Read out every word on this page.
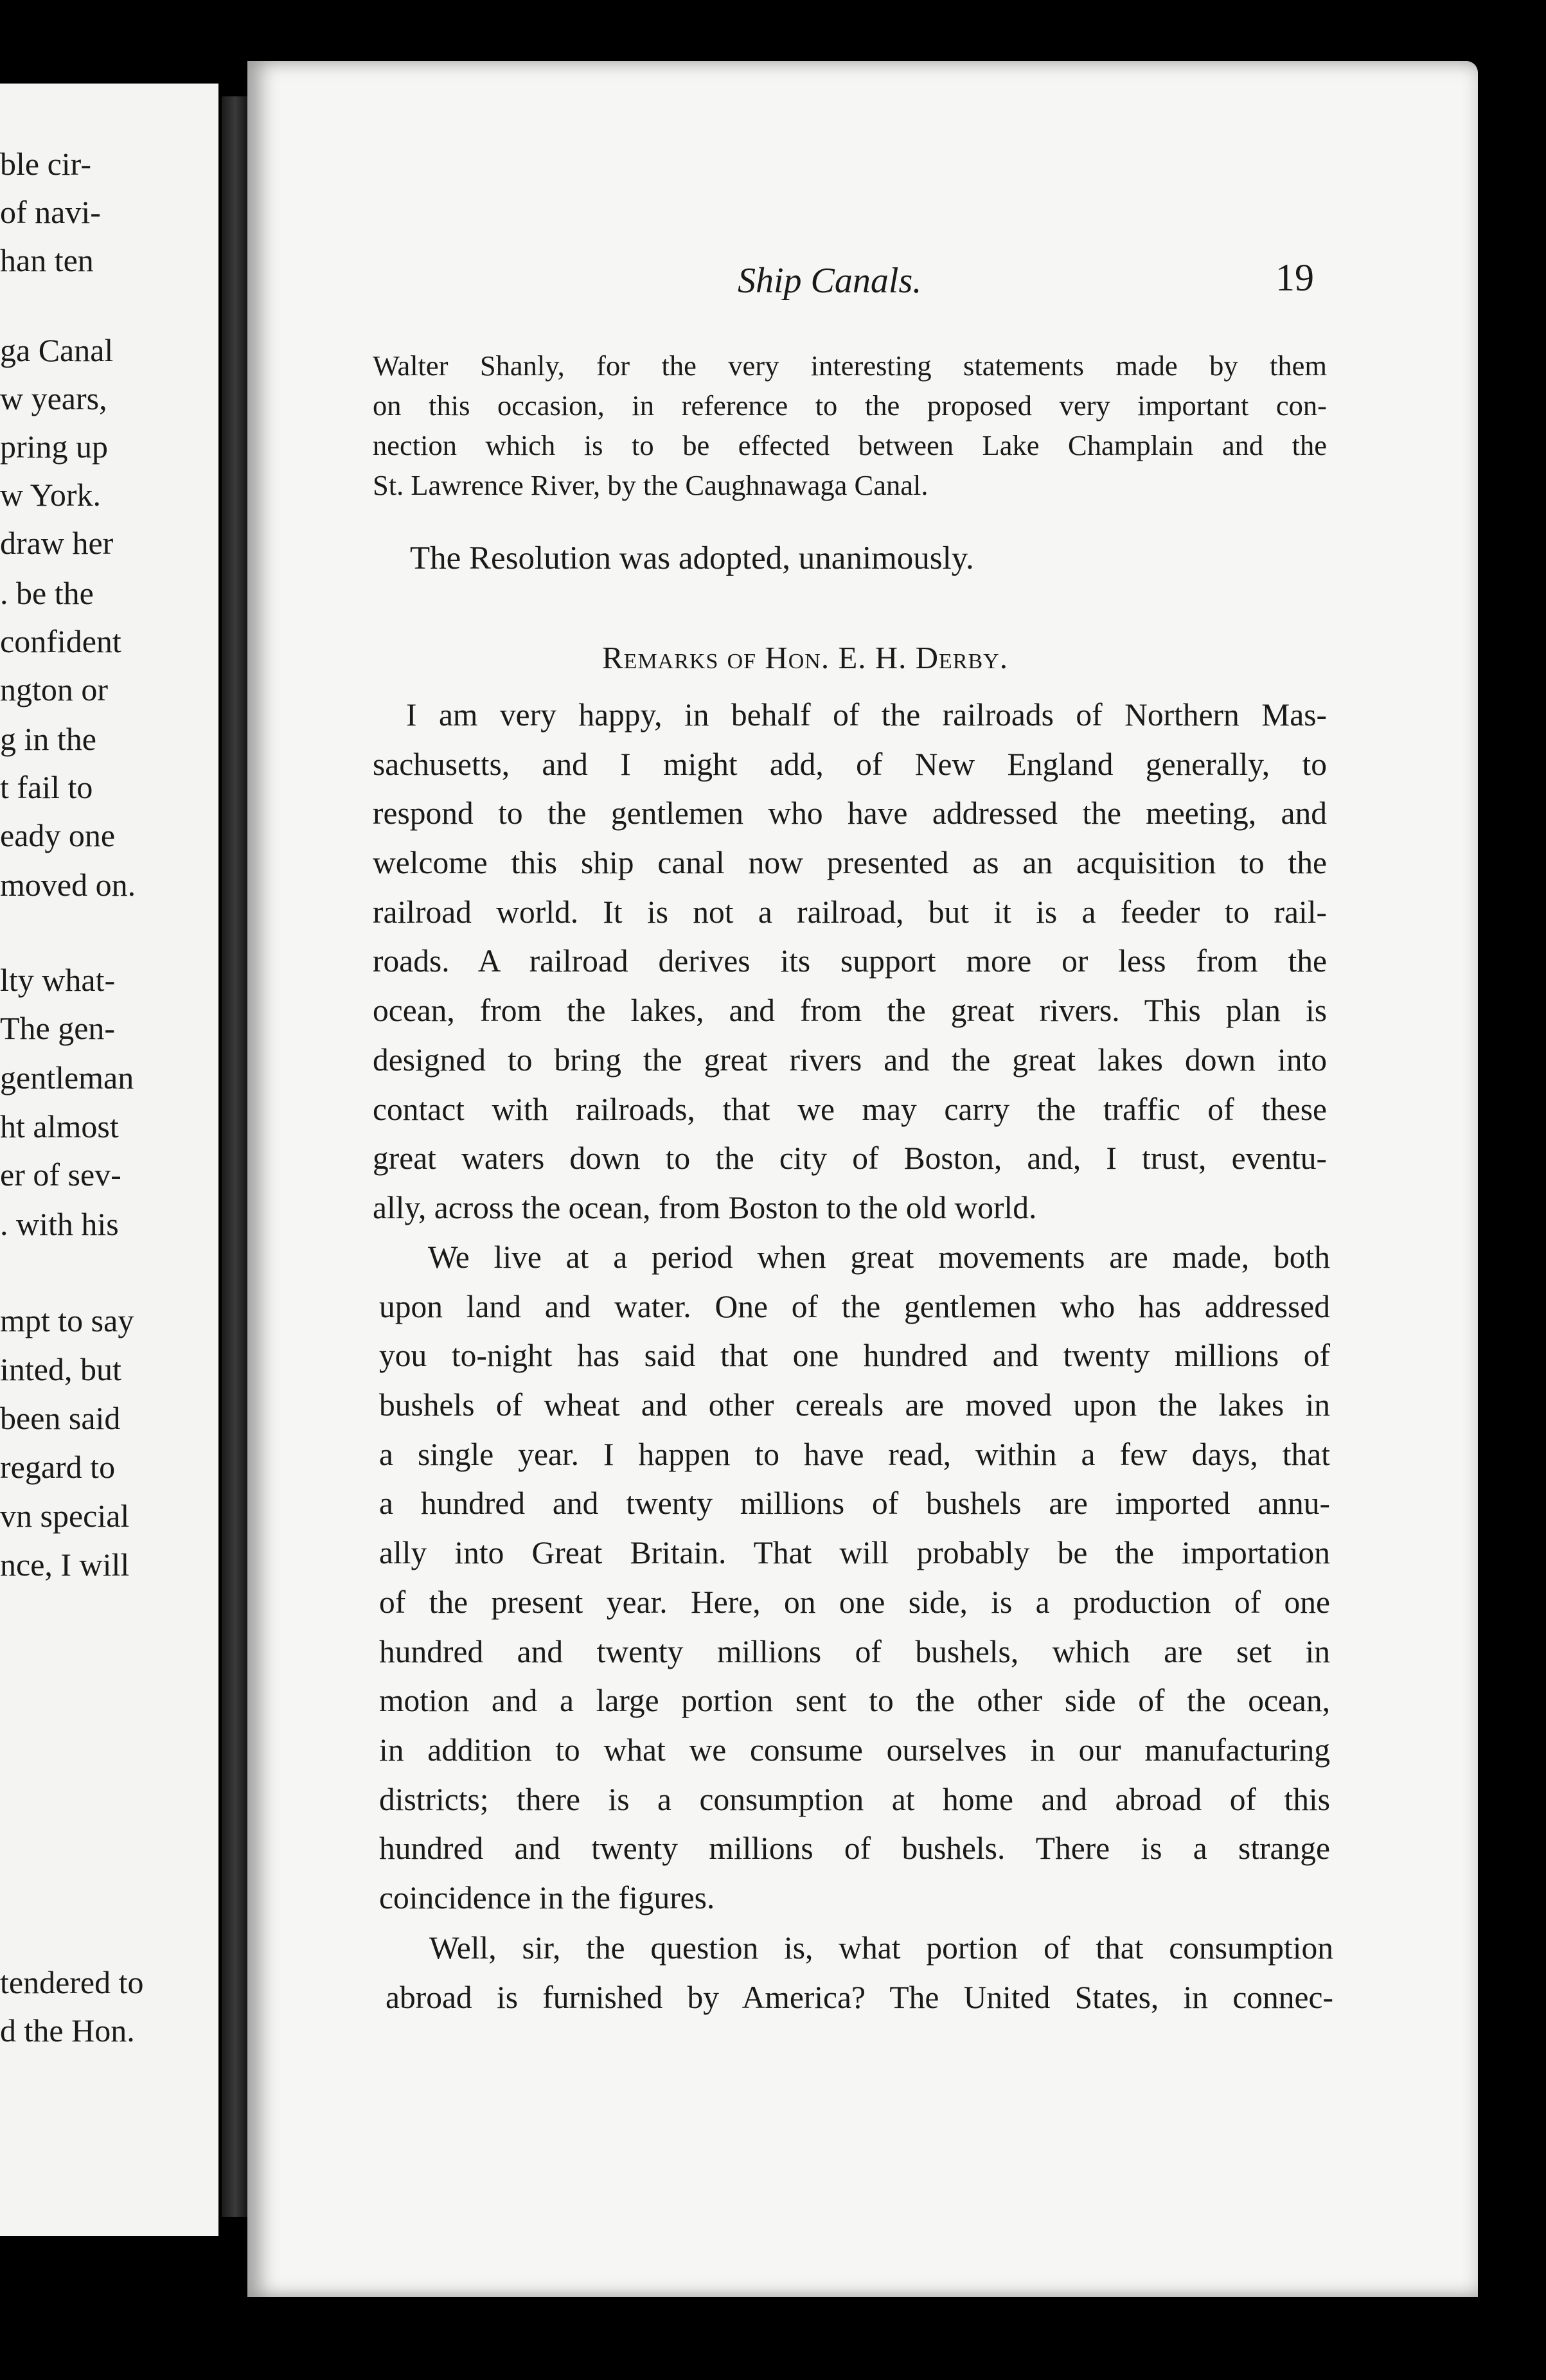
ble cir-
of navi-
han ten
ga Canal
w years,
pring up
w York.
draw her
. be the
confident
ngton or
g in the
t fail to
eady one
moved on.
lty what-
The gen-
gentleman
ht almost
er of sev-
. with his
mpt to say
inted, but
been said
regard to
vn special
nce, I will
tendered to
d the Hon.
Ship Canals.	19
Walter Shanly, for the very interesting statements made by them
on this occasion, in reference to the proposed very important con-
nection which is to be effected between Lake Champlain and the
St. Lawrence River, by the Caughnawaga Canal.
The Resolution was adopted, unanimously.
Remarks of Hon. E. H. Derby.
I am very happy, in behalf of the railroads of Northern Mas-
sachusetts, and I might add, of New England generally, to
respond to the gentlemen who have addressed the meeting, and
welcome this ship canal now presented as an acquisition to the
railroad world. It is not a railroad, but it is a feeder to rail-
roads. A railroad derives its support more or less from the
ocean, from the lakes, and from the great rivers. This plan is
designed to bring the great rivers and the great lakes down into
contact with railroads, that we may carry the traffic of these
great waters down to the city of Boston, and, I trust, eventu-
ally, across the ocean, from Boston to the old world.
We live at a period when great movements are made, both
upon land and water. One of the gentlemen who has addressed
you to-night has said that one hundred and twenty millions of
bushels of wheat and other cereals are moved upon the lakes in
a single year. I happen to have read, within a few days, that
a hundred and twenty millions of bushels are imported annu-
ally into Great Britain. That will probably be the importation
of the present year. Here, on one side, is a production of one
hundred and twenty millions of bushels, which are set in
motion and a large portion sent to the other side of the ocean,
in addition to what we consume ourselves in our manufacturing
districts; there is a consumption at home and abroad of this
hundred and twenty millions of bushels. There is a strange
coincidence in the figures.
Well, sir, the question is, what portion of that consumption
abroad is furnished by America? The United States, in connec-
